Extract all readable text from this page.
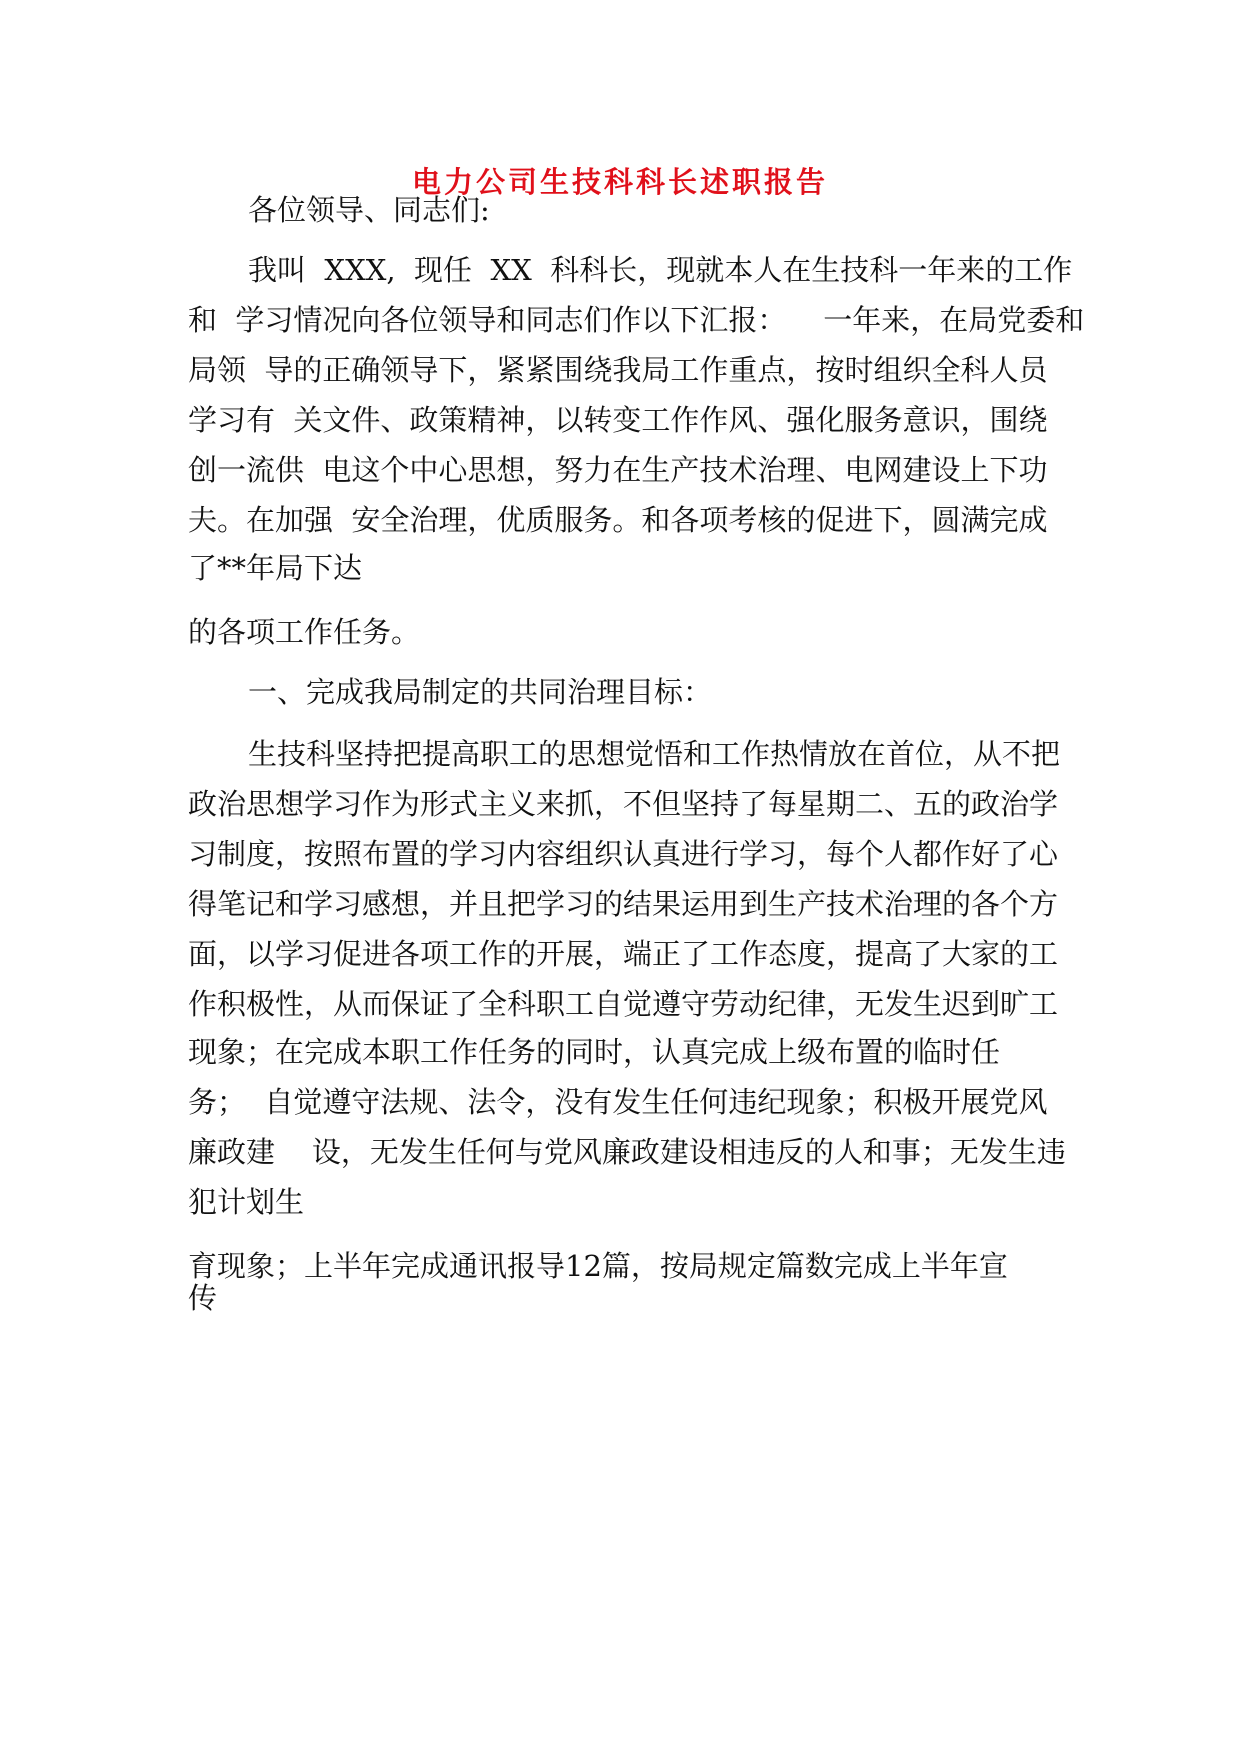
电力公司生技科科长述职报告
各位领导、同志们:
我叫  XXX,  现任  XX  科科长，现就本人在生技科一年来的工作
和  学习情况向各位领导和同志们作以下汇报：    一年来，在局党委和
局领  导的正确领导下，紧紧围绕我局工作重点，按时组织全科人员
学习有  关文件、政策精神，以转变工作作风、强化服务意识，围绕
创一流供  电这个中心思想，努力在生产技术治理、电网建设上下功
夫。在加强  安全治理，优质服务。和各项考核的促进下，圆满完成
了**年局下达
的各项工作任务。
一、完成我局制定的共同治理目标：
生技科坚持把提高职工的思想觉悟和工作热情放在首位，从不把
政治思想学习作为形式主义来抓，不但坚持了每星期二、五的政治学
习制度，按照布置的学习内容组织认真进行学习，每个人都作好了心
得笔记和学习感想，并且把学习的结果运用到生产技术治理的各个方
面，以学习促进各项工作的开展，端正了工作态度，提高了大家的工
作积极性，从而保证了全科职工自觉遵守劳动纪律，无发生迟到旷工
现象；在完成本职工作任务的同时，认真完成上级布置的临时任
务；  自觉遵守法规、法令，没有发生任何违纪现象；积极开展党风
廉政建    设，无发生任何与党风廉政建设相违反的人和事；无发生违
犯计划生
育现象；上半年完成通讯报导12篇，按局规定篇数完成上半年宣
传
